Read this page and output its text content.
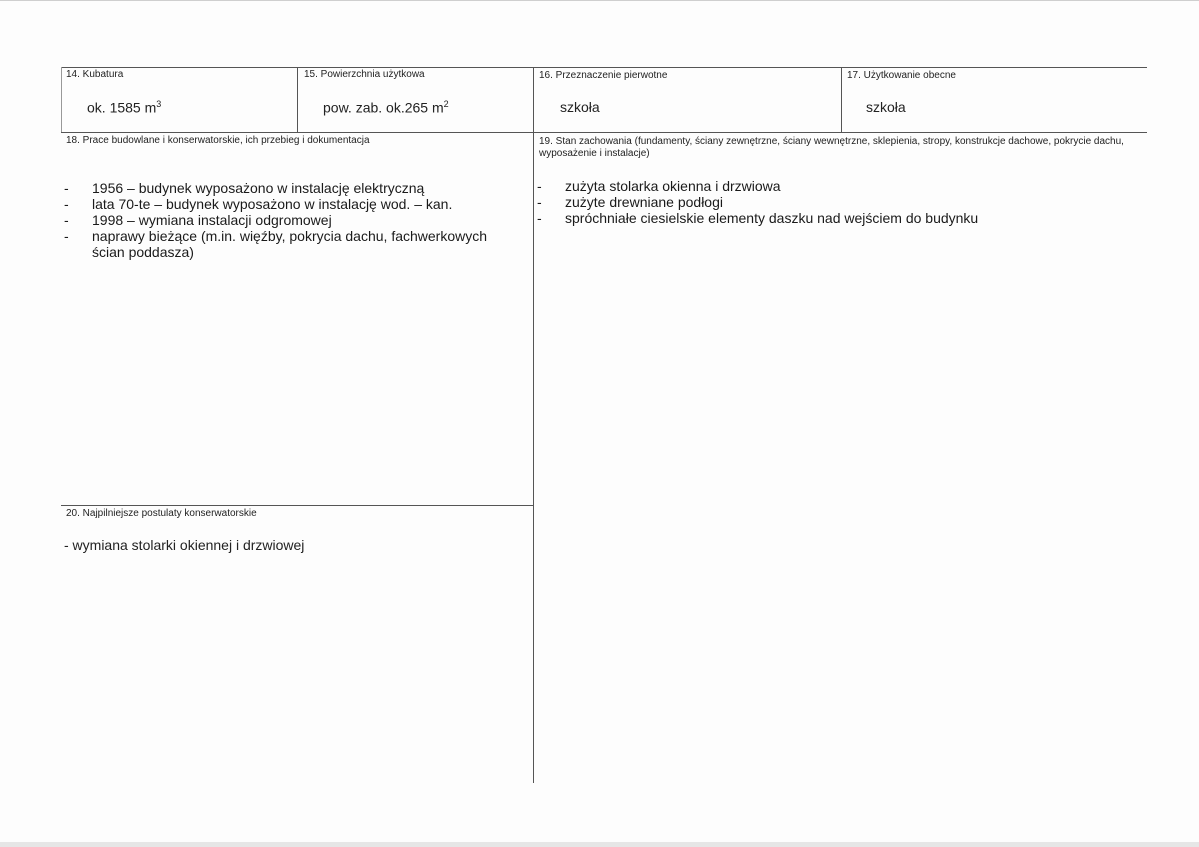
14. Kubatura
ok. 1585 $m^3$
15. Powierzchnia użytkowa
pow. zab. ok.265 $m^2$
16. Przeznaczenie pierwotne
szkoła
17. Użytkowanie obecne
szkoła
18. Prace budowlane i konserwatorskie, ich przebieg i dokumentacja
- 1956 – budynek wyposażono w instalację elektryczną
- lata 70-te – budynek wyposażono w instalację wod. – kan.
- 1998 – wymiana instalacji odgromowej
- naprawy bieżące (m.in. więźby, pokrycia dachu, fachwerkowych ścian poddasza)
19. Stan zachowania (fundamenty, ściany zewnętrzne, ściany wewnętrzne, sklepienia, stropy, konstrukcje dachowe, pokrycie dachu, wyposażenie i instalacje)
- zużyta stolarka okienna i drzwiowa
- zużyte drewniane podłogi
- spróchniałe ciesielskie elementy daszku nad wejściem do budynku
20. Najpilniejsze postulaty konserwatorskie
- wymiana stolarki okiennej i drzwiowej
